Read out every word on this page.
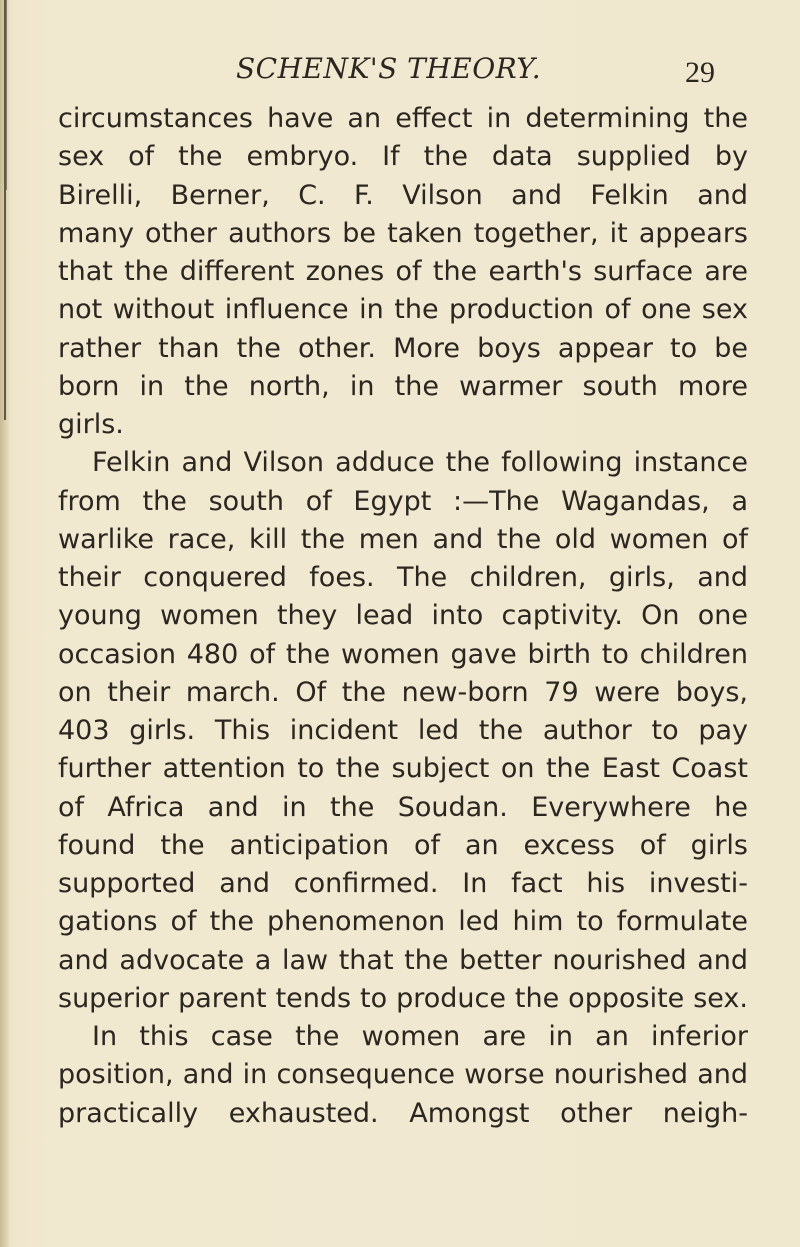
SCHENK'S THEORY.	29
circumstances have an effect in determining the
sex of the embryo. If the data supplied by
Birelli, Berner, C. F. Vilson and Felkin and
many other authors be taken together, it appears
that the different zones of the earth's surface are
not without influence in the production of one sex
rather than the other. More boys appear to be
born in the north, in the warmer south more
girls.
Felkin and Vilson adduce the following instance
from the south of Egypt :—The Wagandas, a
warlike race, kill the men and the old women of
their conquered foes. The children, girls, and
young women they lead into captivity. On one
occasion 480 of the women gave birth to children
on their march. Of the new-born 79 were boys,
403 girls. This incident led the author to pay
further attention to the subject on the East Coast
of Africa and in the Soudan. Everywhere he
found the anticipation of an excess of girls
supported and confirmed. In fact his investi-
gations of the phenomenon led him to formulate
and advocate a law that the better nourished and
superior parent tends to produce the opposite sex.
In this case the women are in an inferior
position, and in consequence worse nourished and
practically exhausted. Amongst other neigh-
